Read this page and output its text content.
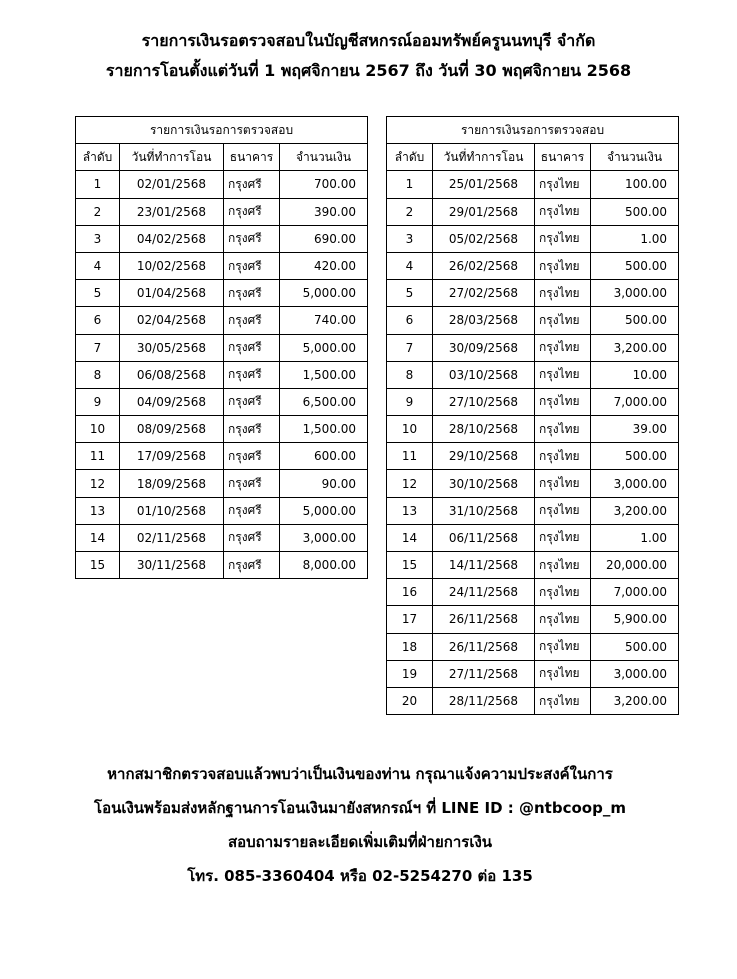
รายการเงินรอตรวจสอบในบัญชีสหกรณ์ออมทรัพย์ครูนนทบุรี จำกัด
รายการโอนตั้งแต่วันที่ 1 พฤศจิกายน 2567 ถึง วันที่ 30 พฤศจิกายน 2568
รายการเงินรอการตรวจสอบ			
ลำดับ	วันที่ทำการโอน	ธนาคาร	จำนวนเงิน
1	02/01/2568	กรุงศรี	700.00
2	23/01/2568	กรุงศรี	390.00
3	04/02/2568	กรุงศรี	690.00
4	10/02/2568	กรุงศรี	420.00
5	01/04/2568	กรุงศรี	5,000.00
6	02/04/2568	กรุงศรี	740.00
7	30/05/2568	กรุงศรี	5,000.00
8	06/08/2568	กรุงศรี	1,500.00
9	04/09/2568	กรุงศรี	6,500.00
10	08/09/2568	กรุงศรี	1,500.00
11	17/09/2568	กรุงศรี	600.00
12	18/09/2568	กรุงศรี	90.00
13	01/10/2568	กรุงศรี	5,000.00
14	02/11/2568	กรุงศรี	3,000.00
15	30/11/2568	กรุงศรี	8,000.00
รายการเงินรอการตรวจสอบ			
ลำดับ	วันที่ทำการโอน	ธนาคาร	จำนวนเงิน
1	25/01/2568	กรุงไทย	100.00
2	29/01/2568	กรุงไทย	500.00
3	05/02/2568	กรุงไทย	1.00
4	26/02/2568	กรุงไทย	500.00
5	27/02/2568	กรุงไทย	3,000.00
6	28/03/2568	กรุงไทย	500.00
7	30/09/2568	กรุงไทย	3,200.00
8	03/10/2568	กรุงไทย	10.00
9	27/10/2568	กรุงไทย	7,000.00
10	28/10/2568	กรุงไทย	39.00
11	29/10/2568	กรุงไทย	500.00
12	30/10/2568	กรุงไทย	3,000.00
13	31/10/2568	กรุงไทย	3,200.00
14	06/11/2568	กรุงไทย	1.00
15	14/11/2568	กรุงไทย	20,000.00
16	24/11/2568	กรุงไทย	7,000.00
17	26/11/2568	กรุงไทย	5,900.00
18	26/11/2568	กรุงไทย	500.00
19	27/11/2568	กรุงไทย	3,000.00
20	28/11/2568	กรุงไทย	3,200.00
หากสมาชิกตรวจสอบแล้วพบว่าเป็นเงินของท่าน กรุณาแจ้งความประสงค์ในการ
โอนเงินพร้อมส่งหลักฐานการโอนเงินมายังสหกรณ์ฯ ที่ LINE ID : @ntbcoop_m
สอบถามรายละเอียดเพิ่มเติมที่ฝ่ายการเงิน
โทร. 085-3360404 หรือ 02-5254270 ต่อ 135
